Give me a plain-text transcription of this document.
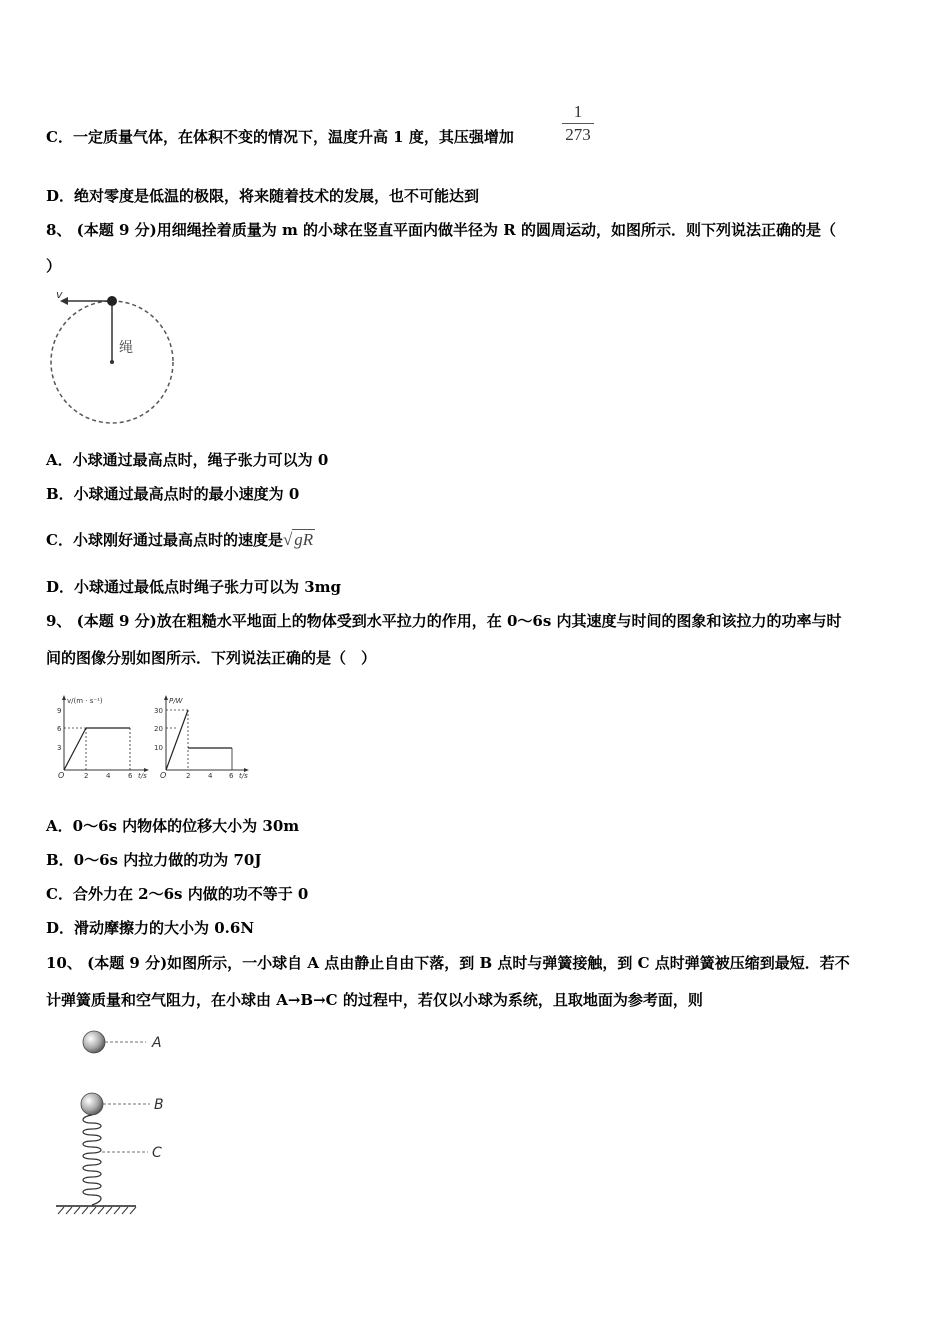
C．一定质量气体，在体积不变的情况下，温度升高 1 度，其压强增加
1
273
D．绝对零度是低温的极限，将来随着技术的发展，也不可能达到
8、 (本题 9 分)用细绳拴着质量为 m 的小球在竖直平面内做半径为 R 的圆周运动，如图所示．则下列说法正确的是（
）
v
绳
A．小球通过最高点时，绳子张力可以为 0
B．小球通过最高点时的最小速度为 0
C．小球刚好通过最高点时的速度是√ gR
D．小球通过最低点时绳子张力可以为 3mg
9、 (本题 9 分)放在粗糙水平地面上的物体受到水平拉力的作用，在 0～6s 内其速度与时间的图象和该拉力的功率与时
间的图像分别如图所示．下列说法正确的是（　）
v/(m · s⁻¹)
9
6
3
O	2	4	6 t/s
P/W
30
20
10
O	2	4 6 t/s
A．0～6s 内物体的位移大小为 30m
B．0～6s 内拉力做的功为 70J
C．合外力在 2～6s 内做的功不等于 0
D．滑动摩擦力的大小为 0.6N
10、 (本题 9 分)如图所示，一小球自 A 点由静止自由下落，到 B 点时与弹簧接触，到 C 点时弹簧被压缩到最短．若不
计弹簧质量和空气阻力，在小球由 A→B→C 的过程中，若仅以小球为系统，且取地面为参考面，则
A
B
C
